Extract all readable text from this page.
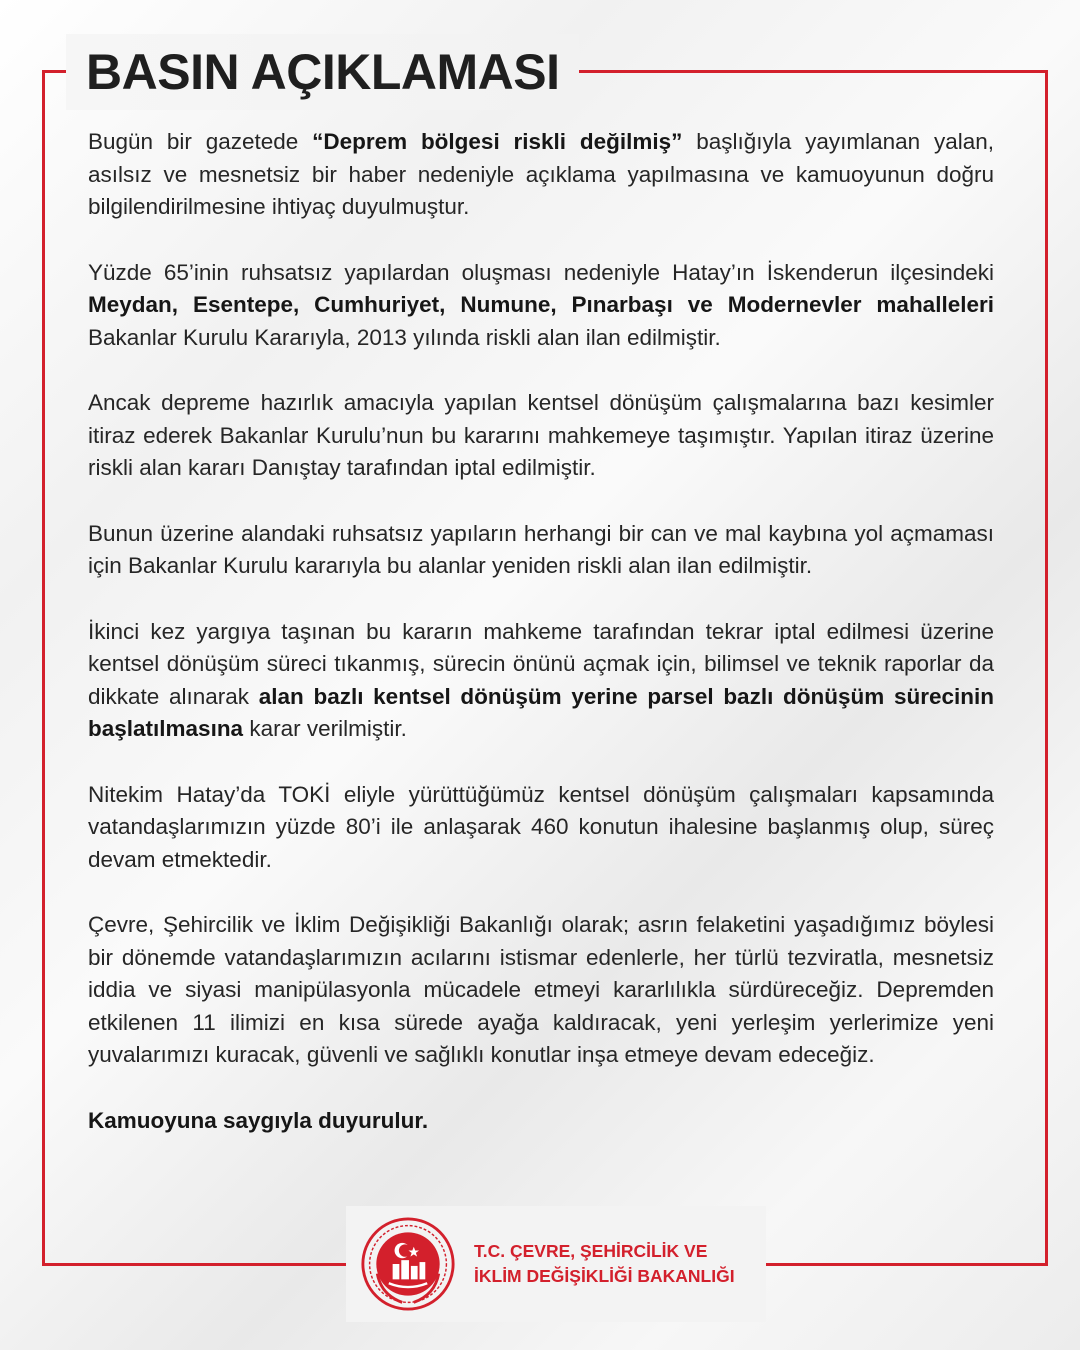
BASIN AÇIKLAMASI

Bugün bir gazetede “Deprem bölgesi riskli değilmiş” başlığıyla yayımlanan yalan, asılsız ve mesnetsiz bir haber nedeniyle açıklama yapılmasına ve kamuoyunun doğru bilgilendirilmesine ihtiyaç duyulmuştur.

Yüzde 65’inin ruhsatsız yapılardan oluşması nedeniyle Hatay’ın İskenderun ilçesindeki Meydan, Esentepe, Cumhuriyet, Numune, Pınarbaşı ve Modernevler mahalleleri Bakanlar Kurulu Kararıyla, 2013 yılında riskli alan ilan edilmiştir.

Ancak depreme hazırlık amacıyla yapılan kentsel dönüşüm çalışmalarına bazı kesimler itiraz ederek Bakanlar Kurulu’nun bu kararını mahkemeye taşımıştır. Yapılan itiraz üzerine riskli alan kararı Danıştay tarafından iptal edilmiştir.

Bunun üzerine alandaki ruhsatsız yapıların herhangi bir can ve mal kaybına yol açmaması için Bakanlar Kurulu kararıyla bu alanlar yeniden riskli alan ilan edilmiştir.

İkinci kez yargıya taşınan bu kararın mahkeme tarafından tekrar iptal edilmesi üzerine kentsel dönüşüm süreci tıkanmış, sürecin önünü açmak için, bilimsel ve teknik raporlar da dikkate alınarak alan bazlı kentsel dönüşüm yerine parsel bazlı dönüşüm sürecinin başlatılmasına karar verilmiştir.

Nitekim Hatay’da TOKİ eliyle yürüttüğümüz kentsel dönüşüm çalışmaları kapsamında vatandaşlarımızın yüzde 80’i ile anlaşarak 460 konutun ihalesine başlanmış olup, süreç devam etmektedir.

Çevre, Şehircilik ve İklim Değişikliği Bakanlığı olarak; asrın felaketini yaşadığımız böylesi bir dönemde vatandaşlarımızın acılarını istismar edenlerle, her türlü tezviratla, mesnetsiz iddia ve siyasi manipülasyonla mücadele etmeyi kararlılıkla sürdüreceğiz. Depremden etkilenen 11 ilimizi en kısa sürede ayağa kaldıracak, yeni yerleşim yerlerimize yeni yuvalarımızı kuracak, güvenli ve sağlıklı konutlar inşa etmeye devam edeceğiz.

Kamuoyuna saygıyla duyurulur.

T.C. ÇEVRE, ŞEHİRCİLİK VE
İKLİM DEĞİŞİKLİĞİ BAKANLIĞI
